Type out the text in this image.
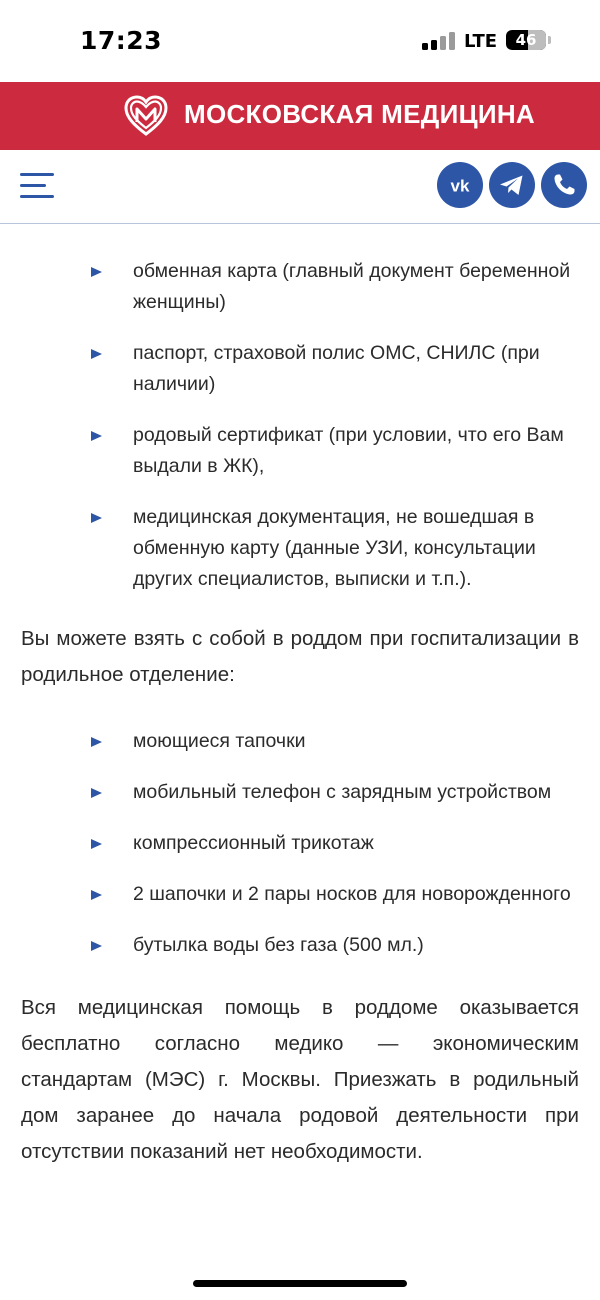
17:23	LTE	46
МОСКОВСКАЯ МЕДИЦИНА
vk
обменная карта (главный документ беременной женщины)
паспорт, страховой полис ОМС, СНИЛС (при наличии)
родовый сертификат (при условии, что его Вам выдали в ЖК),
медицинская документация, не вошедшая в обменную карту (данные УЗИ, консультации других специалистов, выписки и т.п.).

Вы можете взять с собой в роддом при госпитализации в родильное отделение:

моющиеся тапочки
мобильный телефон с зарядным устройством
компрессионный трикотаж
2 шапочки и 2 пары носков для новорожденного
бутылка воды без газа (500 мл.)

Вся медицинская помощь в роддоме оказывается бесплатно согласно медико — экономическим стандартам (МЭС) г. Москвы. Приезжать в родильный дом заранее до начала родовой деятельности при отсутствии показаний нет необходимости.
